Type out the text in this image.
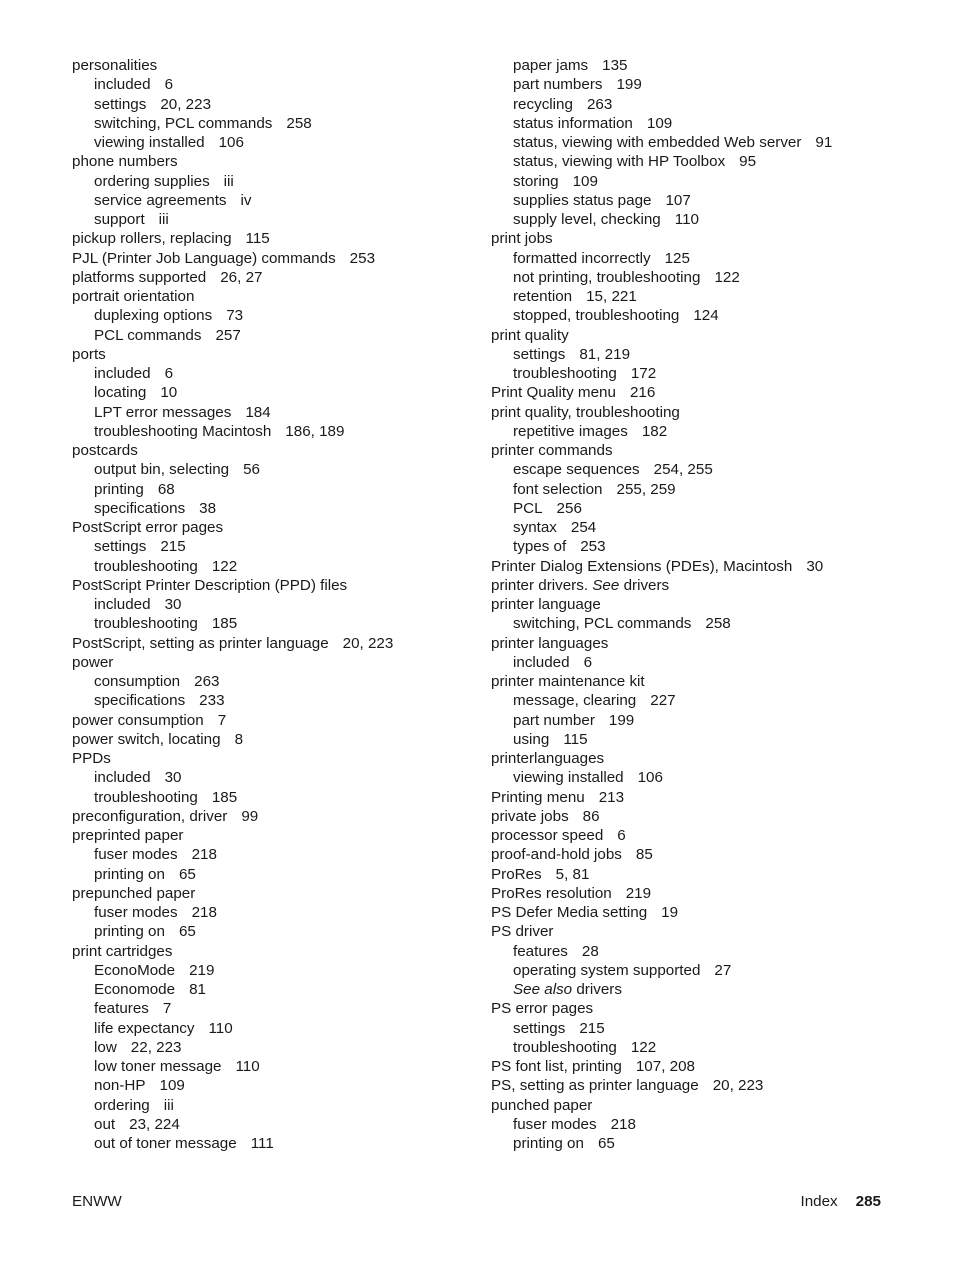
personalities
included 6
settings 20, 223
switching, PCL commands 258
viewing installed 106
phone numbers
ordering supplies iii
service agreements iv
support iii
pickup rollers, replacing 115
PJL (Printer Job Language) commands 253
platforms supported 26, 27
portrait orientation
duplexing options 73
PCL commands 257
ports
included 6
locating 10
LPT error messages 184
troubleshooting Macintosh 186, 189
postcards
output bin, selecting 56
printing 68
specifications 38
PostScript error pages
settings 215
troubleshooting 122
PostScript Printer Description (PPD) files
included 30
troubleshooting 185
PostScript, setting as printer language 20, 223
power
consumption 263
specifications 233
power consumption 7
power switch, locating 8
PPDs
included 30
troubleshooting 185
preconfiguration, driver 99
preprinted paper
fuser modes 218
printing on 65
prepunched paper
fuser modes 218
printing on 65
print cartridges
EconoMode 219
Economode 81
features 7
life expectancy 110
low 22, 223
low toner message 110
non-HP 109
ordering iii
out 23, 224
out of toner message 111
paper jams 135
part numbers 199
recycling 263
status information 109
status, viewing with embedded Web server 91
status, viewing with HP Toolbox 95
storing 109
supplies status page 107
supply level, checking 110
print jobs
formatted incorrectly 125
not printing, troubleshooting 122
retention 15, 221
stopped, troubleshooting 124
print quality
settings 81, 219
troubleshooting 172
Print Quality menu 216
print quality, troubleshooting
repetitive images 182
printer commands
escape sequences 254, 255
font selection 255, 259
PCL 256
syntax 254
types of 253
Printer Dialog Extensions (PDEs), Macintosh 30
printer drivers. See drivers
printer language
switching, PCL commands 258
printer languages
included 6
printer maintenance kit
message, clearing 227
part number 199
using 115
printerlanguages
viewing installed 106
Printing menu 213
private jobs 86
processor speed 6
proof-and-hold jobs 85
ProRes 5, 81
ProRes resolution 219
PS Defer Media setting 19
PS driver
features 28
operating system supported 27
See also drivers
PS error pages
settings 215
troubleshooting 122
PS font list, printing 107, 208
PS, setting as printer language 20, 223
punched paper
fuser modes 218
printing on 65
ENWW	Index 285
